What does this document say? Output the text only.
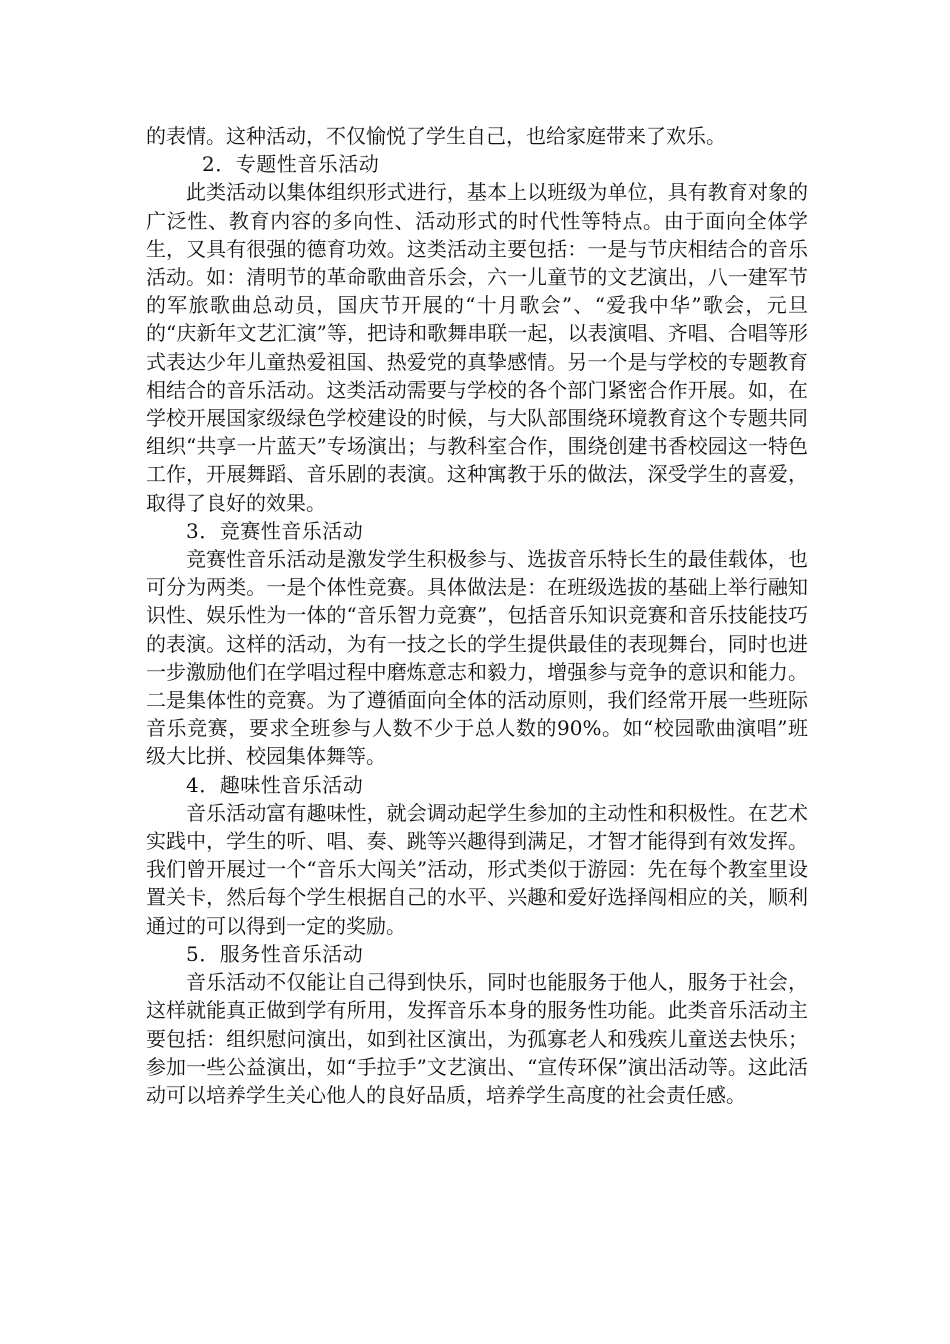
的表情。这种活动，不仅愉悦了学生自己，也给家庭带来了欢乐。

2．专题性音乐活动

此类活动以集体组织形式进行，基本上以班级为单位，具有教育对象的广泛性、教育内容的多向性、活动形式的时代性等特点。由于面向全体学生，又具有很强的德育功效。这类活动主要包括：一是与节庆相结合的音乐活动。如：清明节的革命歌曲音乐会，六一儿童节的文艺演出，八一建军节的军旅歌曲总动员，国庆节开展的“十月歌会”、“爱我中华”歌会，元旦的“庆新年文艺汇演”等，把诗和歌舞串联一起，以表演唱、齐唱、合唱等形式表达少年儿童热爱祖国、热爱党的真挚感情。另一个是与学校的专题教育相结合的音乐活动。这类活动需要与学校的各个部门紧密合作开展。如，在学校开展国家级绿色学校建设的时候，与大队部围绕环境教育这个专题共同组织“共享一片蓝天”专场演出；与教科室合作，围绕创建书香校园这一特色工作，开展舞蹈、音乐剧的表演。这种寓教于乐的做法，深受学生的喜爱，取得了良好的效果。

3．竞赛性音乐活动

竞赛性音乐活动是激发学生积极参与、选拔音乐特长生的最佳载体，也可分为两类。一是个体性竞赛。具体做法是：在班级选拔的基础上举行融知识性、娱乐性为一体的“音乐智力竞赛”，包括音乐知识竞赛和音乐技能技巧的表演。这样的活动，为有一技之长的学生提供最佳的表现舞台，同时也进一步激励他们在学唱过程中磨炼意志和毅力，增强参与竞争的意识和能力。二是集体性的竞赛。为了遵循面向全体的活动原则，我们经常开展一些班际音乐竞赛，要求全班参与人数不少于总人数的90%。如“校园歌曲演唱”班级大比拼、校园集体舞等。

4．趣味性音乐活动

音乐活动富有趣味性，就会调动起学生参加的主动性和积极性。在艺术实践中，学生的听、唱、奏、跳等兴趣得到满足，才智才能得到有效发挥。我们曾开展过一个“音乐大闯关”活动，形式类似于游园：先在每个教室里设置关卡，然后每个学生根据自己的水平、兴趣和爱好选择闯相应的关，顺利通过的可以得到一定的奖励。

5．服务性音乐活动

音乐活动不仅能让自己得到快乐，同时也能服务于他人，服务于社会，这样就能真正做到学有所用，发挥音乐本身的服务性功能。此类音乐活动主要包括：组织慰问演出，如到社区演出，为孤寡老人和残疾儿童送去快乐；参加一些公益演出，如“手拉手”文艺演出、“宣传环保”演出活动等。这此活动可以培养学生关心他人的良好品质，培养学生高度的社会责任感。
